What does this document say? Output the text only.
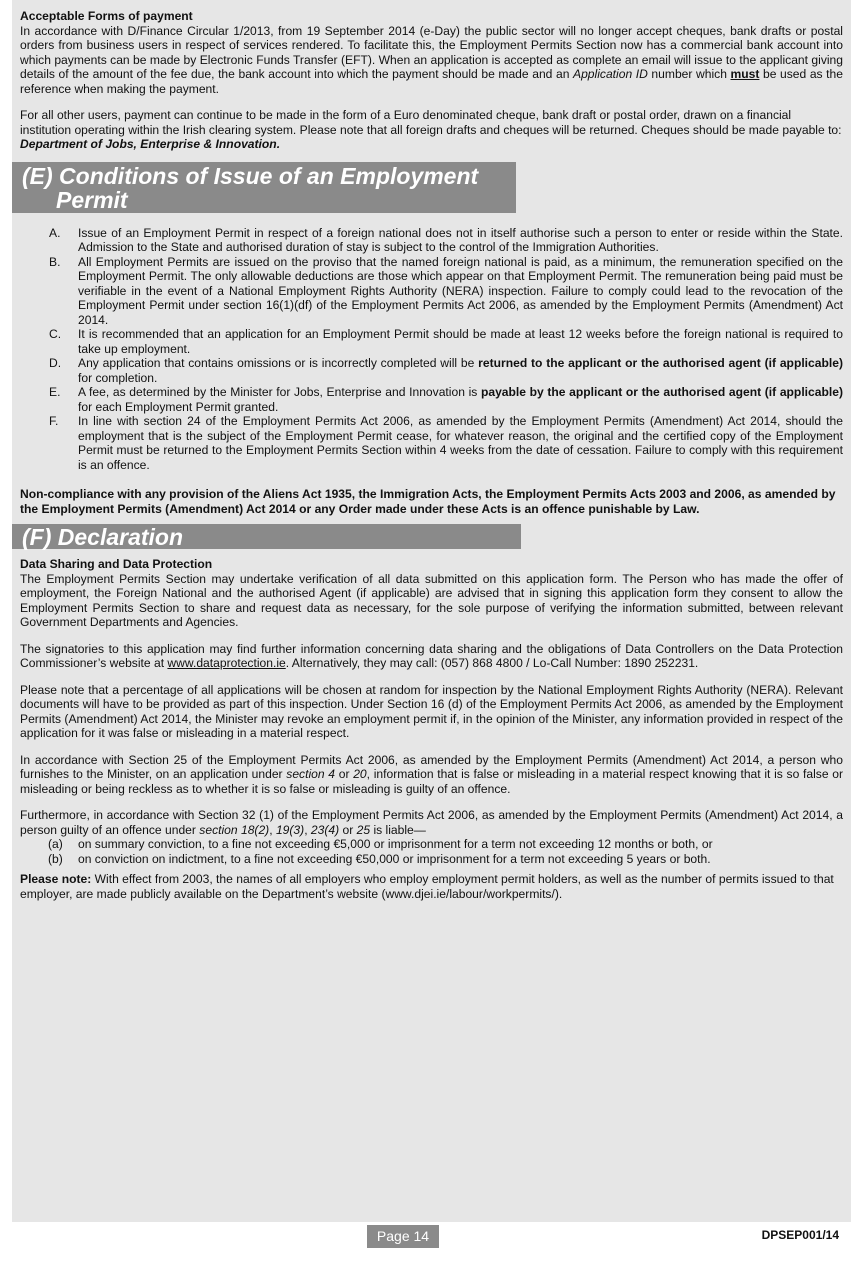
Acceptable Forms of payment

In accordance with D/Finance Circular 1/2013, from 19 September 2014 (e-Day) the public sector will no longer accept cheques, bank drafts or postal orders from business users in respect of services rendered. To facilitate this, the Employment Permits Section now has a commercial bank account into which payments can be made by Electronic Funds Transfer (EFT). When an application is accepted as complete an email will issue to the applicant giving details of the amount of the fee due, the bank account into which the payment should be made and an Application ID number which must be used as the reference when making the payment.

For all other users, payment can continue to be made in the form of a Euro denominated cheque, bank draft or postal order, drawn on a financial institution operating within the Irish clearing system. Please note that all foreign drafts and cheques will be returned. Cheques should be made payable to: Department of Jobs, Enterprise & Innovation.

(E) Conditions of Issue of an Employment
Permit
A.	Issue of an Employment Permit in respect of a foreign national does not in itself authorise such a person to enter or reside within the State. Admission to the State and authorised duration of stay is subject to the control of the Immigration Authorities.
B.	All Employment Permits are issued on the proviso that the named foreign national is paid, as a minimum, the remuneration specified on the Employment Permit. The only allowable deductions are those which appear on that Employment Permit. The remuneration being paid must be verifiable in the event of a National Employment Rights Authority (NERA) inspection. Failure to comply could lead to the revocation of the Employment Permit under section 16(1)(df) of the Employment Permits Act 2006, as amended by the Employment Permits (Amendment) Act 2014.
C.	It is recommended that an application for an Employment Permit should be made at least 12 weeks before the foreign national is required to take up employment.
D.	Any application that contains omissions or is incorrectly completed will be returned to the applicant or the authorised agent (if applicable) for completion.
E.	A fee, as determined by the Minister for Jobs, Enterprise and Innovation is payable by the applicant or the authorised agent (if applicable) for each Employment Permit granted.
F.	In line with section 24 of the Employment Permits Act 2006, as amended by the Employment Permits (Amendment) Act 2014, should the employment that is the subject of the Employment Permit cease, for whatever reason, the original and the certified copy of the Employment Permit must be returned to the Employment Permits Section within 4 weeks from the date of cessation. Failure to comply with this requirement is an offence.

Non-compliance with any provision of the Aliens Act 1935, the Immigration Acts, the Employment Permits Acts 2003 and 2006, as amended by the Employment Permits (Amendment) Act 2014 or any Order made under these Acts is an offence punishable by Law.

(F) Declaration

Data Sharing and Data Protection

The Employment Permits Section may undertake verification of all data submitted on this application form. The Person who has made the offer of employment, the Foreign National and the authorised Agent (if applicable) are advised that in signing this application form they consent to allow the Employment Permits Section to share and request data as necessary, for the sole purpose of verifying the information submitted, between relevant Government Departments and Agencies.

The signatories to this application may find further information concerning data sharing and the obligations of Data Controllers on the Data Protection Commissioner’s website at www.dataprotection.ie. Alternatively, they may call: (057) 868 4800 / Lo-Call Number: 1890 252231.

Please note that a percentage of all applications will be chosen at random for inspection by the National Employment Rights Authority (NERA). Relevant documents will have to be provided as part of this inspection. Under Section 16 (d) of the Employment Permits Act 2006, as amended by the Employment Permits (Amendment) Act 2014, the Minister may revoke an employment permit if, in the opinion of the Minister, any information provided in respect of the application for it was false or misleading in a material respect.

In accordance with Section 25 of the Employment Permits Act 2006, as amended by the Employment Permits (Amendment) Act 2014, a person who furnishes to the Minister, on an application under section 4 or 20, information that is false or misleading in a material respect knowing that it is so false or misleading or being reckless as to whether it is so false or misleading is guilty of an offence.

Furthermore, in accordance with Section 32 (1) of the Employment Permits Act 2006, as amended by the Employment Permits (Amendment) Act 2014, a person guilty of an offence under section 18(2), 19(3), 23(4) or 25 is liable—

(a)	on summary conviction, to a fine not exceeding €5,000 or imprisonment for a term not exceeding 12 months or both, or
(b)	on conviction on indictment, to a fine not exceeding €50,000 or imprisonment for a term not exceeding 5 years or both.

Please note: With effect from 2003, the names of all employers who employ employment permit holders, as well as the number of permits issued to that employer, are made publicly available on the Department’s website (www.djei.ie/labour/workpermits/).

Page 14	DPSEP001/14
